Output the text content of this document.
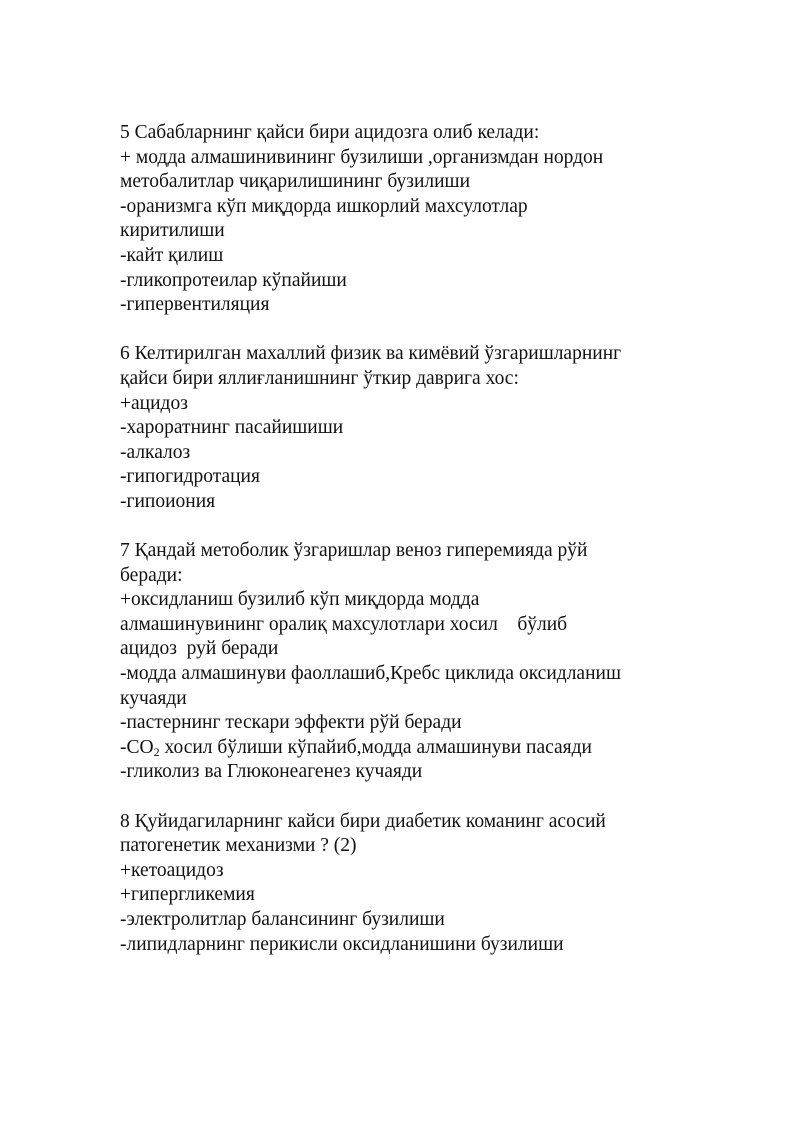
5 Сабабларнинг қайси бири ацидозга олиб келади:
+ модда алмашинивининг бузилиши ,организмдан нордон
метобалитлар чиқарилишининг бузилиши
-оранизмга кўп миқдорда ишкорлий махсулотлар
киритилиши
-кайт қилиш
-гликопротеилар кўпайиши
-гипервентиляция
6 Келтирилган махаллий физик ва кимёвий ўзгаришларнинг
қайси бири яллиғланишнинг ўткир даврига хос:
+ацидоз
-хароратнинг пасайишиши
-алкалоз
-гипогидротация
-гипоиония
7 Қандай метоболик ўзгаришлар веноз гиперемияда рўй
беради:
+оксидланиш бузилиб кўп миқдорда модда
алмашинувининг оралиқ махсулотлари хосил    бўлиб
ацидоз  руй беради
-модда алмашинуви фаоллашиб,Кребс циклида оксидланиш
кучаяди
-пастернинг тескари эффекти рўй беради
$-CO_2$ хосил бўлиши кўпайиб,модда алмашинуви пасаяди
-гликолиз ва Глюконеагенез кучаяди
8 Қуйидагиларнинг кайси бири диабетик команинг асосий
патогенетик механизми ? (2)
+кетоацидоз
+гипергликемия
-электролитлар балансининг бузилиши
-липидларнинг перикисли оксидланишини бузилиши
